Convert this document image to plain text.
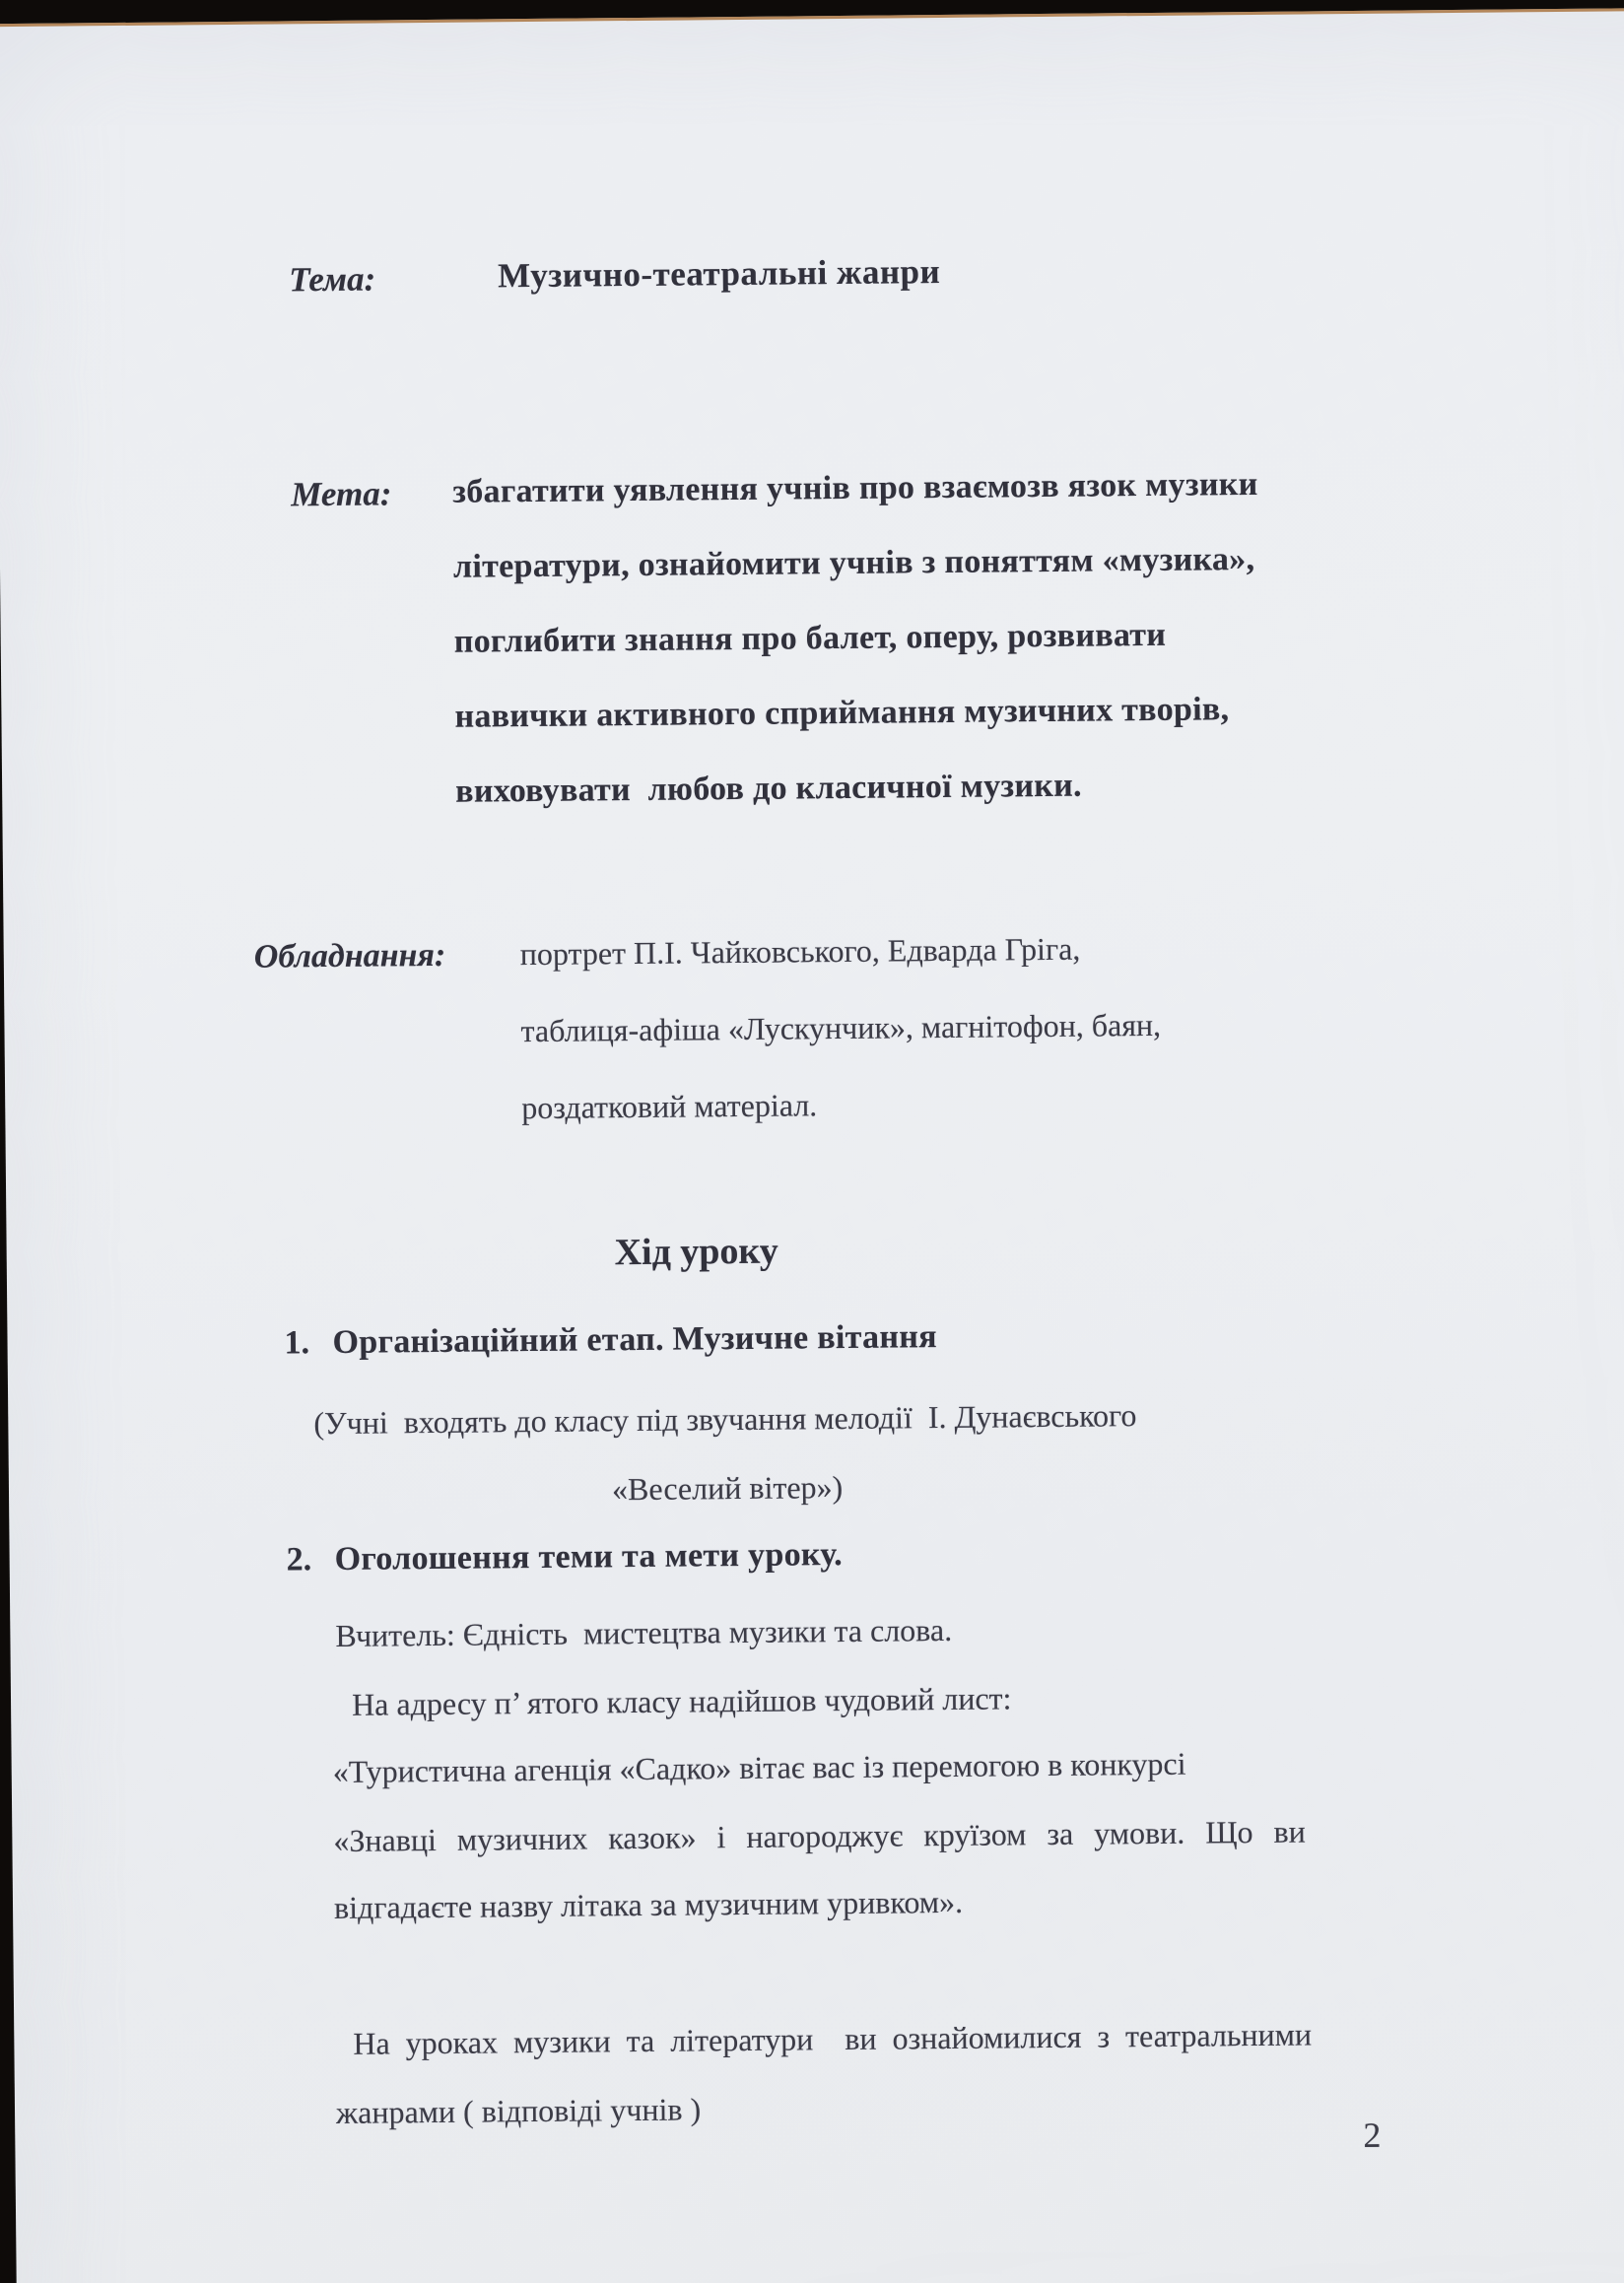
Тема:	Музично-театральні жанри
Мета: збагатити уявлення учнів про взаємозв язок музики
літератури, ознайомити учнів з поняттям «музика»,
поглибити знання про балет, оперу, розвивати
навички активного сприймання музичних творів,
виховувати  любов до класичної музики.
Обладнання: портрет П.І. Чайковського, Едварда Гріга,
таблиця-афіша «Лускунчик», магнітофон, баян,
роздатковий матеріал.
Хід уроку
1. Організаційний етап. Музичне вітання
(Учні  входять до класу під звучання мелодії  І. Дунаєвського
«Веселий вітер»)
2. Оголошення теми та мети уроку.
Вчитель: Єдність  мистецтва музики та слова.
На адресу п’ ятого класу надійшов чудовий лист:
«Туристична агенція «Садко» вітає вас із перемогою в конкурсі
«Знавці музичних казок» і нагороджує круїзом за умови. Що ви
відгадаєте назву літака за музичним уривком».
На уроках музики та літератури  ви ознайомилися з театральними
жанрами ( відповіді учнів )
2
